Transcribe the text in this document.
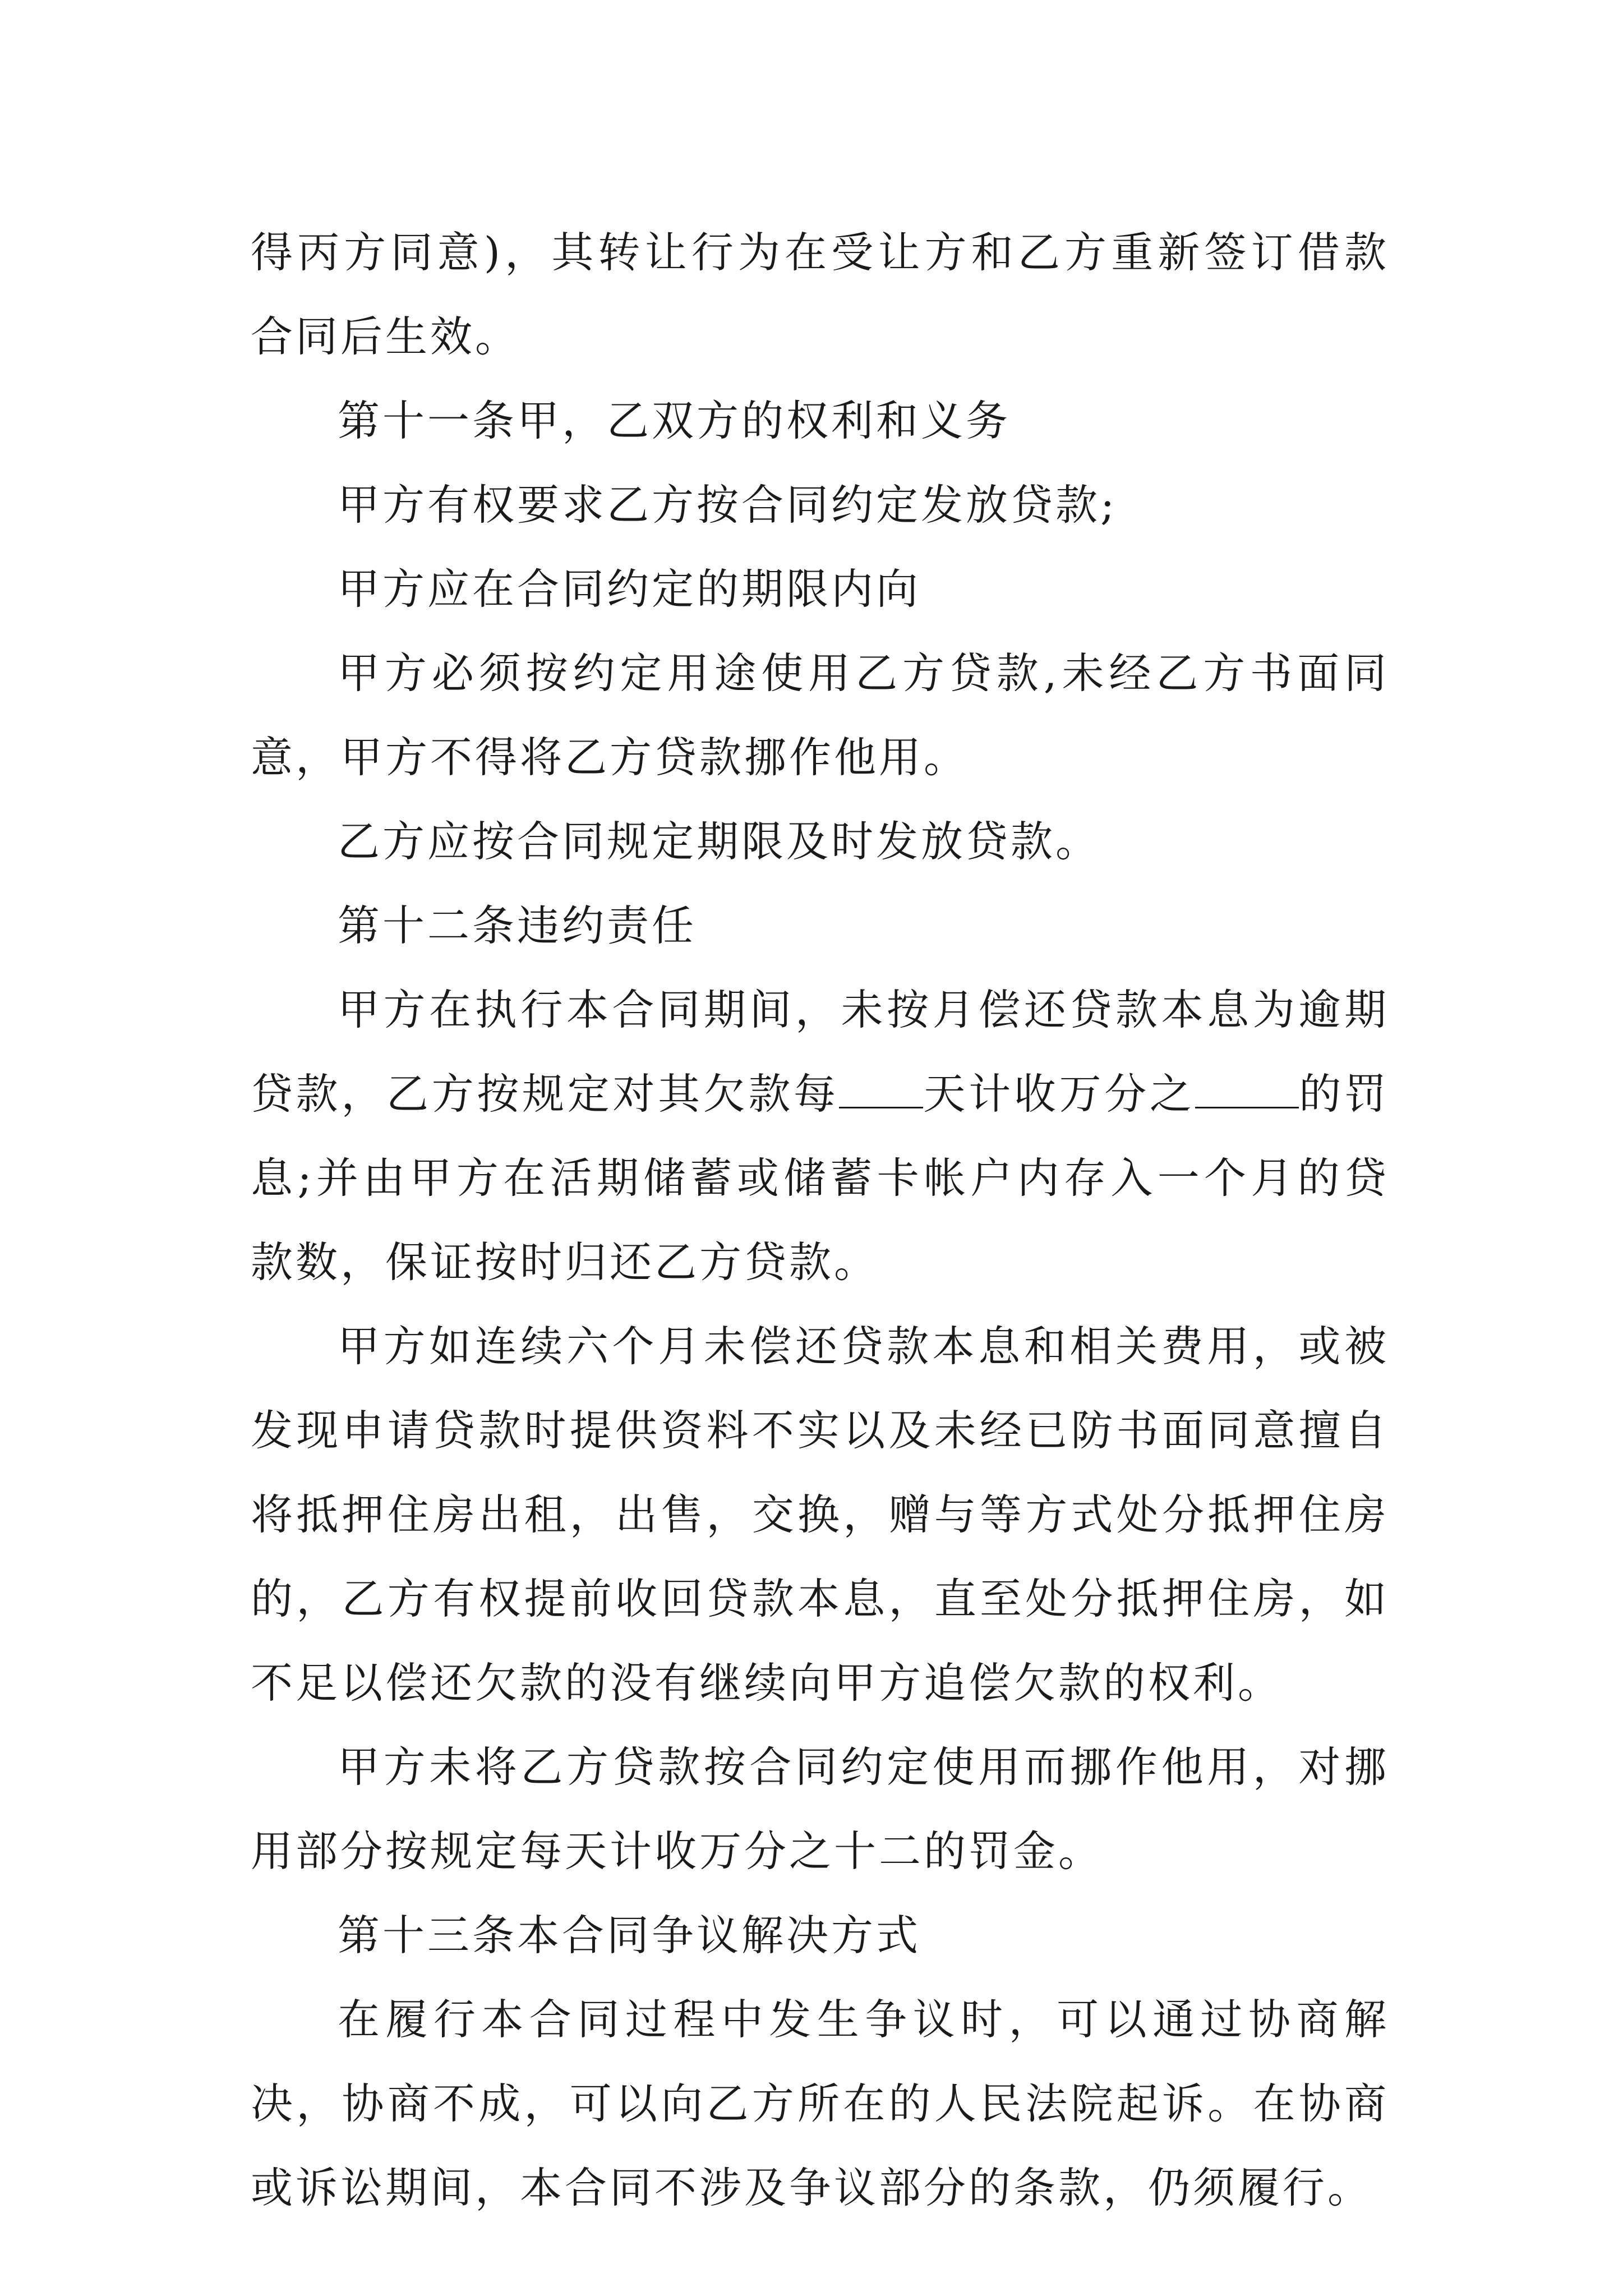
得丙方同意)，其转让行为在受让方和乙方重新签订借款合同后生效。

第十一条甲，乙双方的权利和义务

甲方有权要求乙方按合同约定发放贷款;

甲方应在合同约定的期限内向

甲方必须按约定用途使用乙方贷款,未经乙方书面同意，甲方不得将乙方贷款挪作他用。

乙方应按合同规定期限及时发放贷款。

第十二条违约责任

甲方在执行本合同期间，未按月偿还贷款本息为逾期贷款，乙方按规定对其欠款每 天计收万分之 的罚息;并由甲方在活期储蓄或储蓄卡帐户内存入一个月的贷款数，保证按时归还乙方贷款。

甲方如连续六个月未偿还贷款本息和相关费用，或被发现申请贷款时提供资料不实以及未经已防书面同意擅自将抵押住房出租，出售，交换，赠与等方式处分抵押住房的，乙方有权提前收回贷款本息，直至处分抵押住房，如不足以偿还欠款的没有继续向甲方追偿欠款的权利。

甲方未将乙方贷款按合同约定使用而挪作他用，对挪用部分按规定每天计收万分之十二的罚金。

第十三条本合同争议解决方式

在履行本合同过程中发生争议时，可以通过协商解决，协商不成，可以向乙方所在的人民法院起诉。在协商或诉讼期间，本合同不涉及争议部分的条款，仍须履行。
